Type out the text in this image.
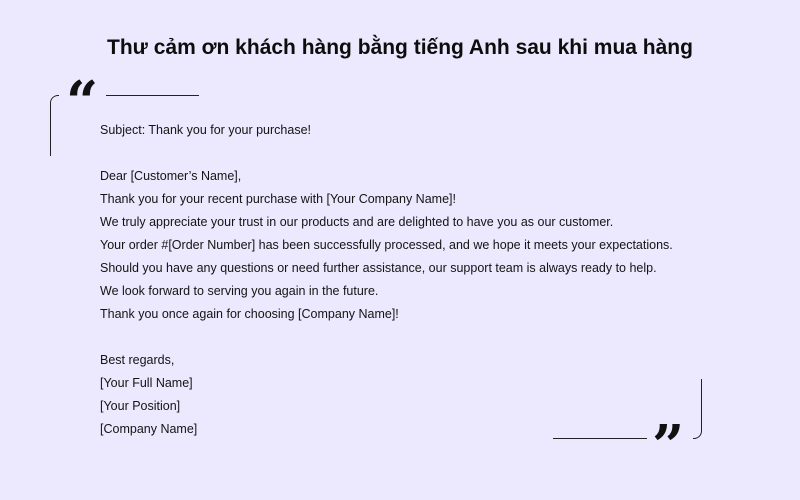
Thư cảm ơn khách hàng bằng tiếng Anh sau khi mua hàng
“ Subject: Thank you for your purchase!
Dear [Customer’s Name],
Thank you for your recent purchase with [Your Company Name]!
We truly appreciate your trust in our products and are delighted to have you as our customer.
Your order #[Order Number] has been successfully processed, and we hope it meets your expectations.
Should you have any questions or need further assistance, our support team is always ready to help.
We look forward to serving you again in the future.
Thank you once again for choosing [Company Name]!
Best regards,
[Your Full Name]
[Your Position]
[Company Name]	”
